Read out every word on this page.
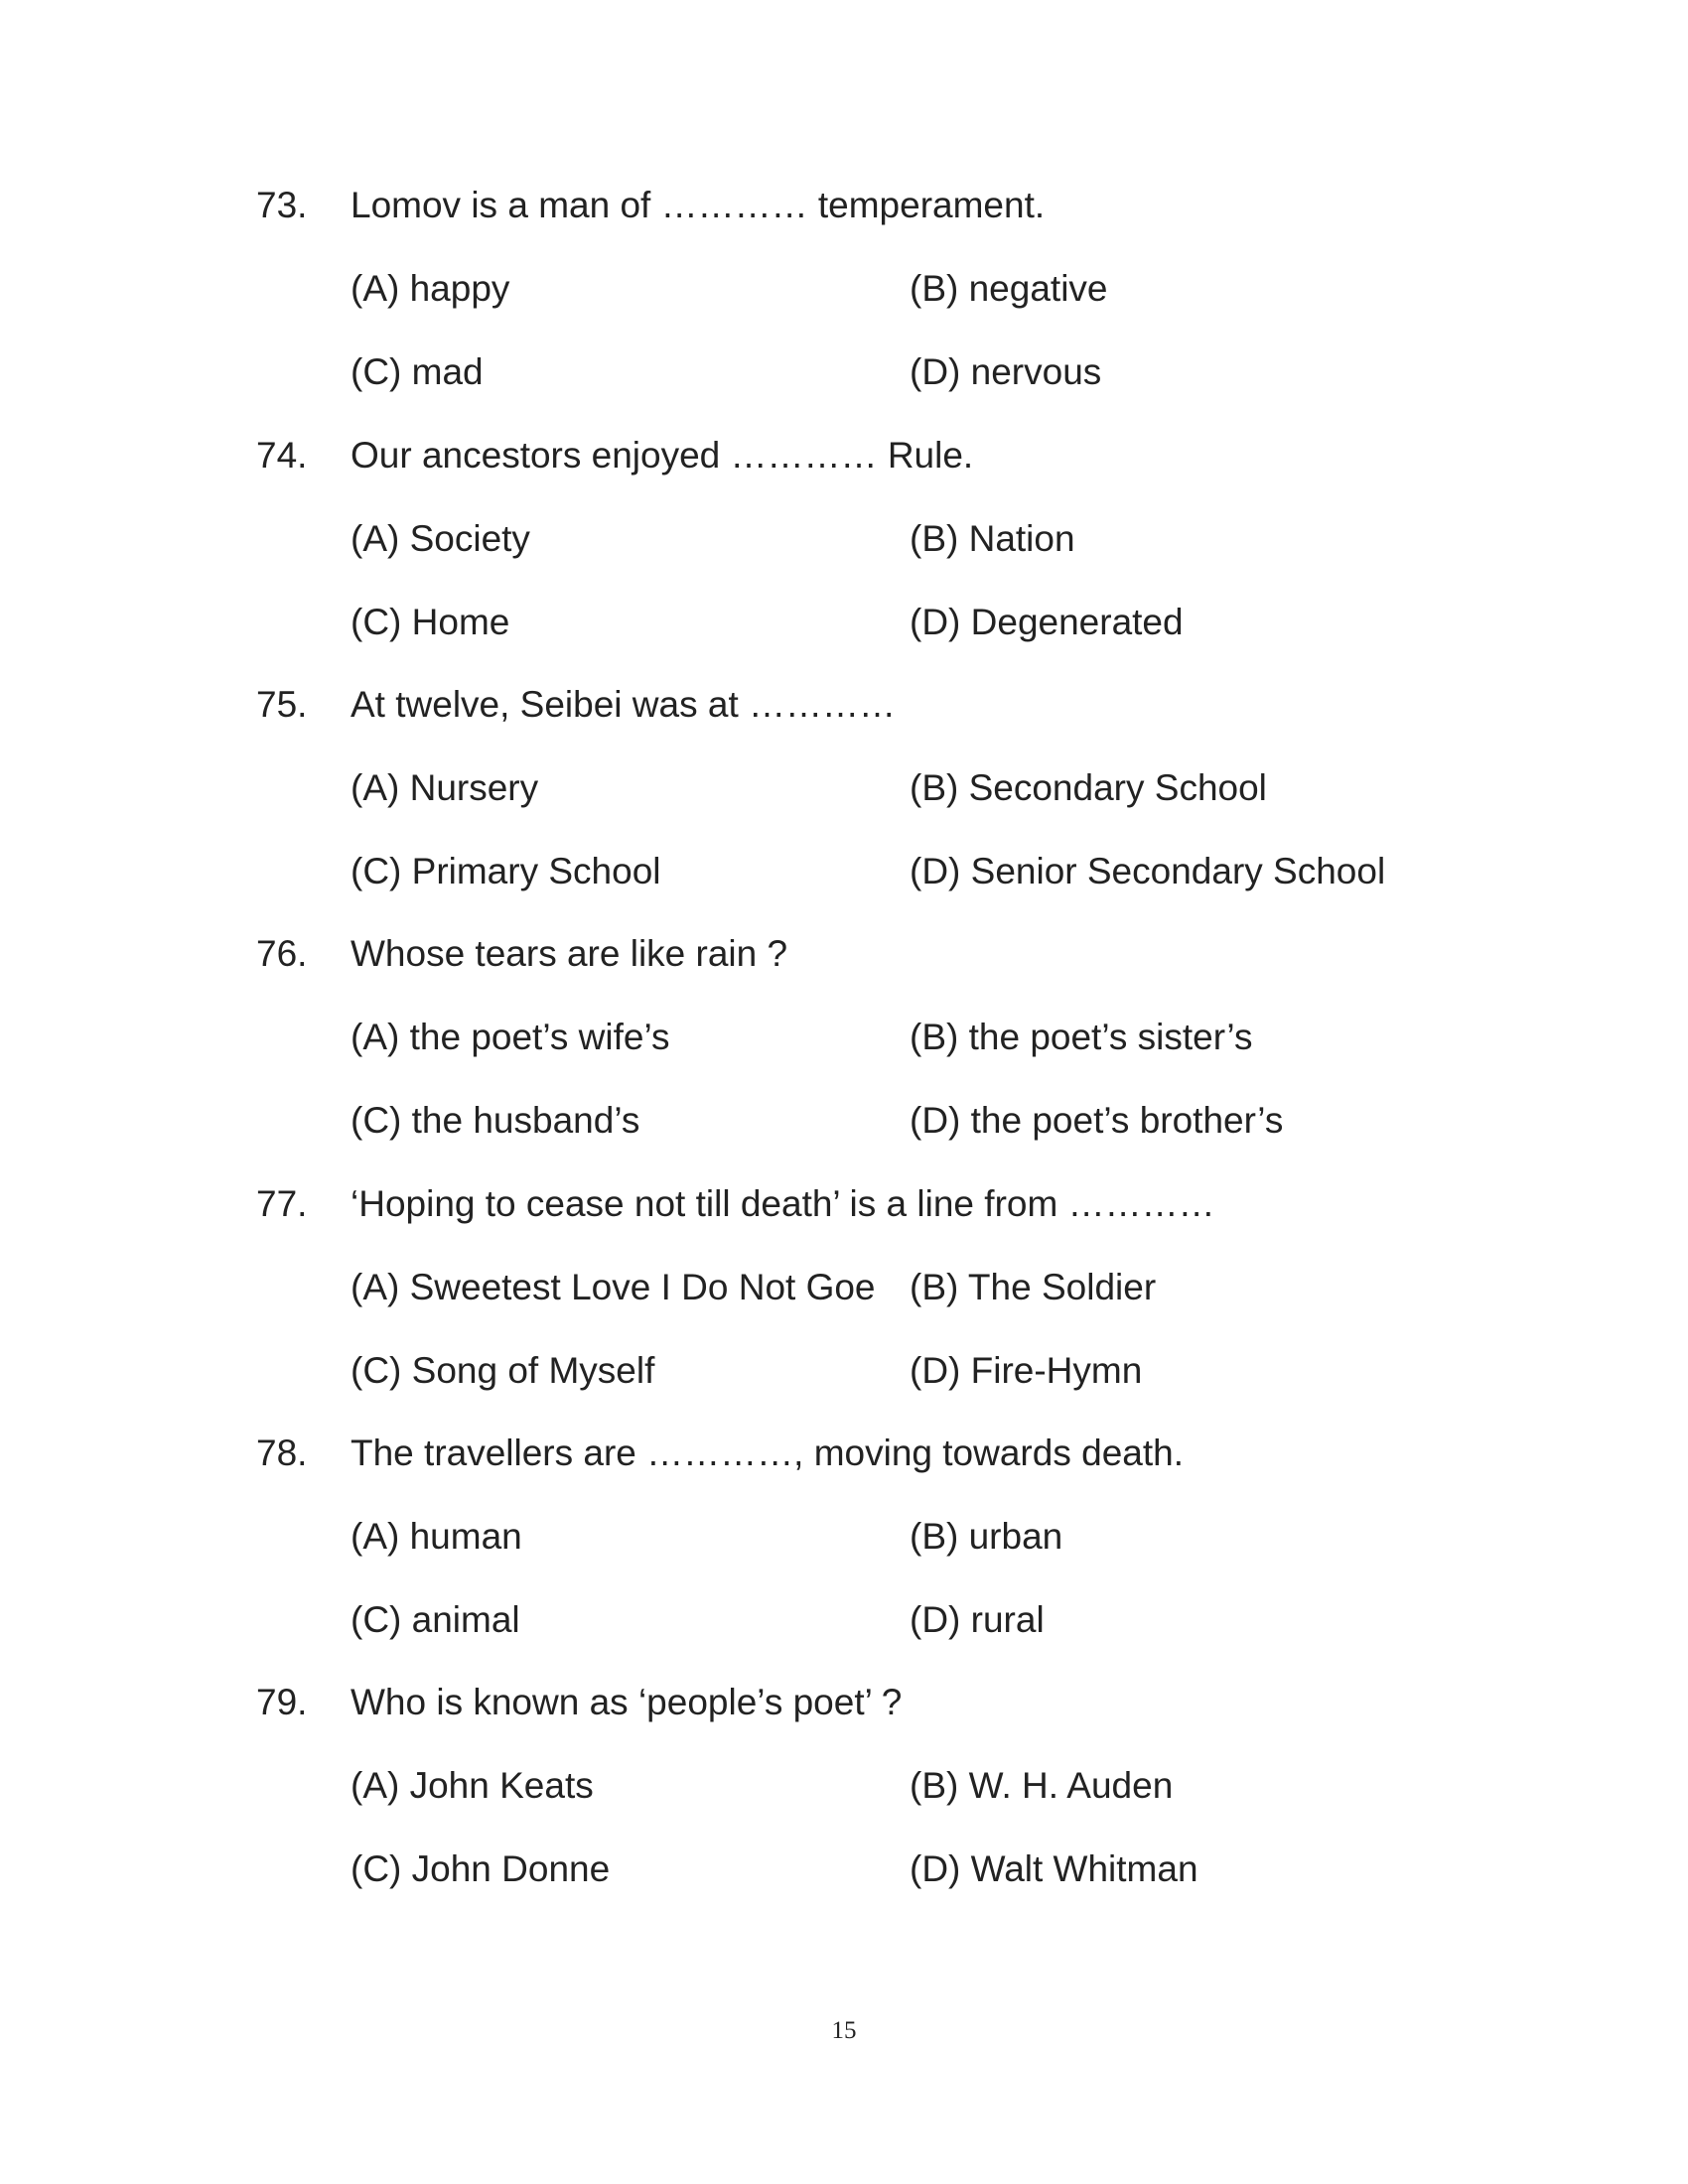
73. Lomov is a man of ………… temperament.
(A) happy	(B) negative
(C) mad	(D) nervous
74. Our ancestors enjoyed ………… Rule.
(A) Society	(B) Nation
(C) Home	(D) Degenerated
75. At twelve, Seibei was at …………
(A) Nursery	(B) Secondary School
(C) Primary School	(D) Senior Secondary School
76. Whose tears are like rain ?
(A) the poet’s wife’s	(B) the poet’s sister’s
(C) the husband’s	(D) the poet’s brother’s
77. ‘Hoping to cease not till death’ is a line from …………
(A) Sweetest Love I Do Not Goe (B) The Soldier
(C) Song of Myself	(D) Fire-Hymn
78. The travellers are …………, moving towards death.
(A) human	(B) urban
(C) animal	(D) rural
79. Who is known as ‘people’s poet’ ?
(A) John Keats	(B) W. H. Auden
(C) John Donne	(D) Walt Whitman
15
